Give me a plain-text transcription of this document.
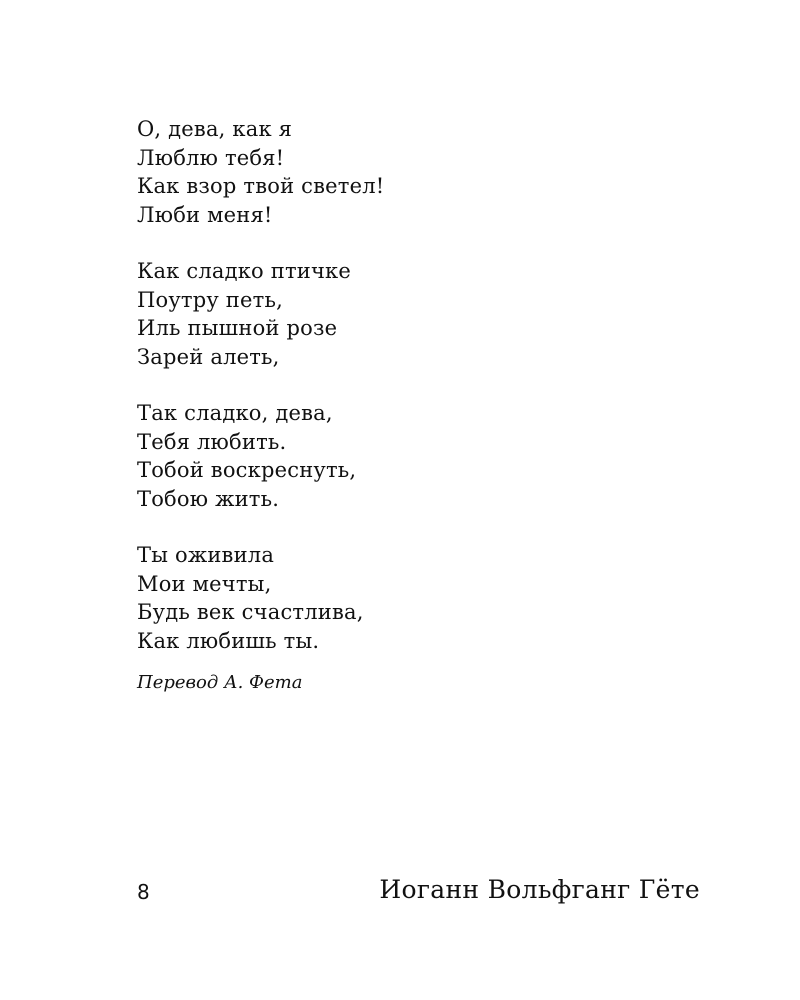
О, дева, как я
Люблю тебя!
Как взор твой светел!
Люби меня!
Как сладко птичке
Поутру петь,
Иль пышной розе
Зарей алеть,
Так сладко, дева,
Тебя любить.
Тобой воскреснуть,
Тобою жить.
Ты оживила
Мои мечты,
Будь век счастлива,
Как любишь ты.
Перевод А. Фета
8	Иоганн Вольфганг Гёте
